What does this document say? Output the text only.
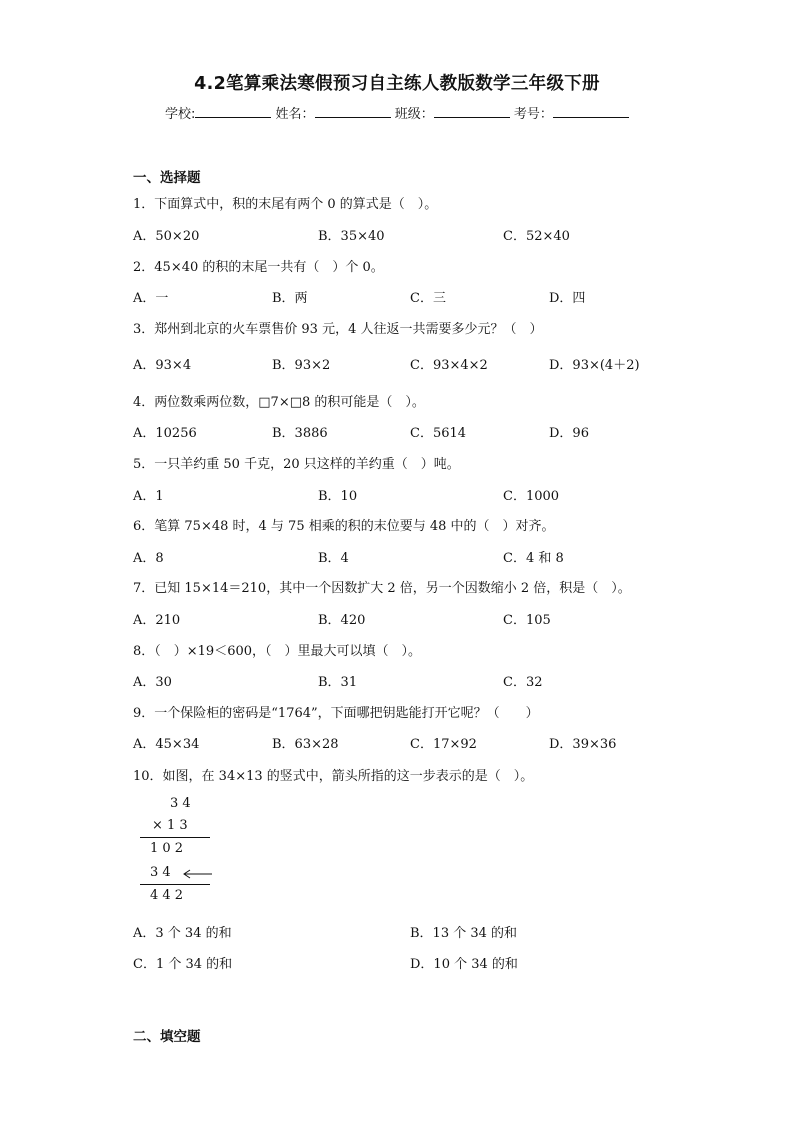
4.2笔算乘法寒假预习自主练人教版数学三年级下册
学校:	姓名：	班级：	考号：
一、选择题
1．下面算式中，积的末尾有两个 0 的算式是（　）。
A．50×20	B．35×40	C．52×40
2．45×40 的积的末尾一共有（　）个 0。
A．一	B．两	C．三	D．四
3．郑州到北京的火车票售价 93 元，4 人往返一共需要多少元？（　）
A．93×4	B．93×2	C．93×4×2	D．93×(4＋2)
4．两位数乘两位数，□7×□8 的积可能是（　）。
A．10256	B．3886	C．5614	D．96
5．一只羊约重 50 千克，20 只这样的羊约重（　）吨。
A．1	B．10	C．1000
6．笔算 75×48 时，4 与 75 相乘的积的末位要与 48 中的（　）对齐。
A．8	B．4	C．4 和 8
7．已知 15×14＝210，其中一个因数扩大 2 倍，另一个因数缩小 2 倍，积是（　）。
A．210	B．420	C．105
8．（　）×19＜600，（　）里最大可以填（　）。
A．30	B．31	C．32
9．一个保险柜的密码是“1764”，下面哪把钥匙能打开它呢？（　　）
A．45×34	B．63×28	C．17×92	D．39×36
10．如图，在 34×13 的竖式中，箭头所指的这一步表示的是（　）。
3 4
× 1 3
1 0 2
3 4
4 4 2
A．3 个 34 的和	B．13 个 34 的和
C．1 个 34 的和	D．10 个 34 的和
二、填空题
